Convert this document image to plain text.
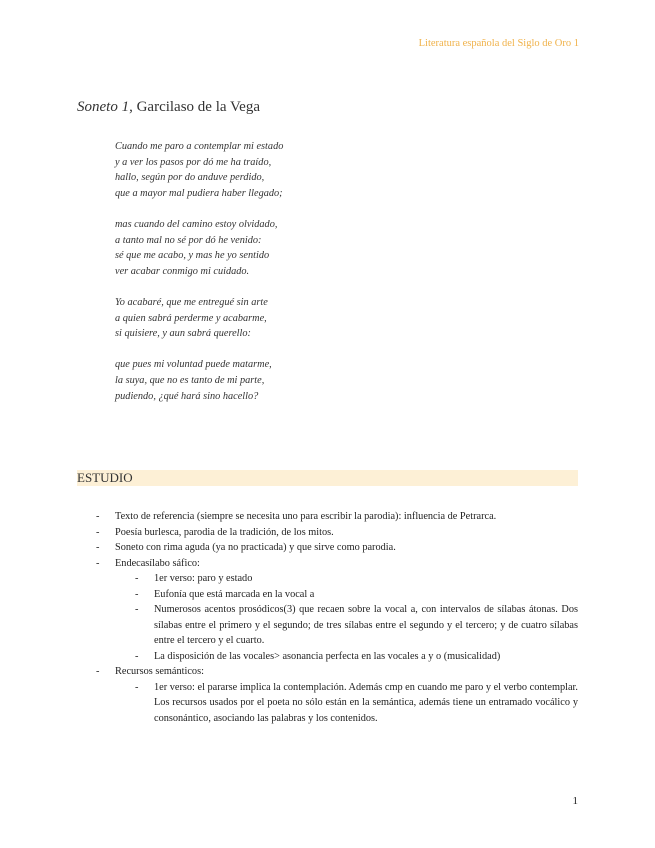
Literatura española del Siglo de Oro 1
Soneto 1, Garcilaso de la Vega
Cuando me paro a contemplar mi estado
y a ver los pasos por dó me ha traído,
hallo, según por do anduve perdido,
que a mayor mal pudiera haber llegado;
mas cuando del camino estoy olvidado,
a tanto mal no sé por dó he venido:
sé que me acabo, y mas he yo sentido
ver acabar conmigo mi cuidado.
Yo acabaré, que me entregué sin arte
a quien sabrá perderme y acabarme,
si quisiere, y aun sabrá querello:
que pues mi voluntad puede matarme,
la suya, que no es tanto de mi parte,
pudiendo, ¿qué hará sino hacello?
ESTUDIO
- Texto de referencia (siempre se necesita uno para escribir la parodia): influencia de Petrarca.
- Poesía burlesca, parodia de la tradición, de los mitos.
- Soneto con rima aguda (ya no practicada) y que sirve como parodia.
- Endecasílabo sáfico:
- 1er verso: paro y estado
- Eufonía que está marcada en la vocal a
- Numerosos acentos prosódicos(3) que recaen sobre la vocal a, con intervalos de sílabas átonas. Dos sílabas entre el primero y el segundo; de tres sílabas entre el segundo y el tercero; y de cuatro sílabas entre el tercero y el cuarto.
- La disposición de las vocales> asonancia perfecta en las vocales a y o (musicalidad)
- Recursos semánticos:
- 1er verso: el pararse implica la contemplación. Además cmp en cuando me paro y el verbo contemplar. Los recursos usados por el poeta no sólo están en la semántica, además tiene un entramado vocálico y consonántico, asociando las palabras y los contenidos.
1
